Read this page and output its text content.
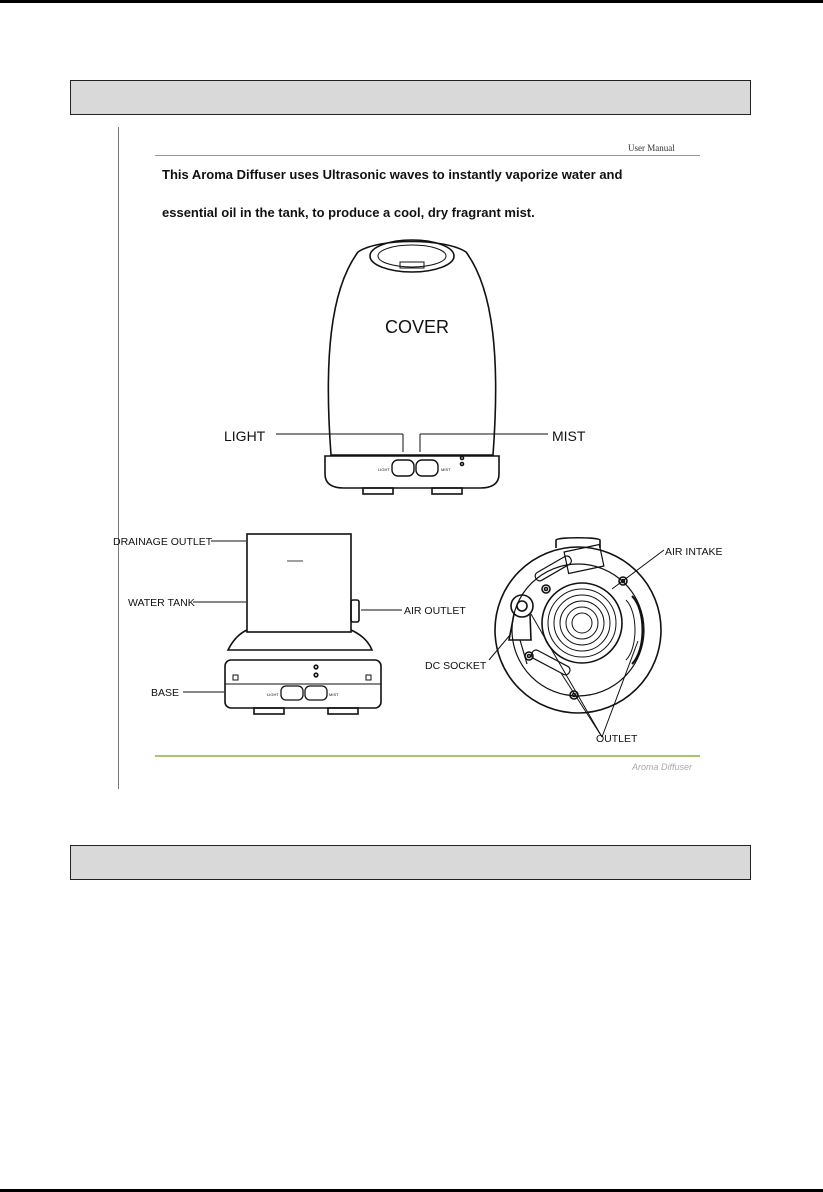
User Manual
This Aroma Diffuser uses Ultrasonic waves to instantly vaporize water and
essential oil in the tank, to produce a cool, dry fragrant mist.
COVER
LIGHT	MIST
LIGHT	MIST
DRAINAGE OUTLET
WATER TANK
AIR OUTLET
BASE	LIGHT	MIST
AIR INTAKE
DC SOCKET
OUTLET
Aroma Diffuser
